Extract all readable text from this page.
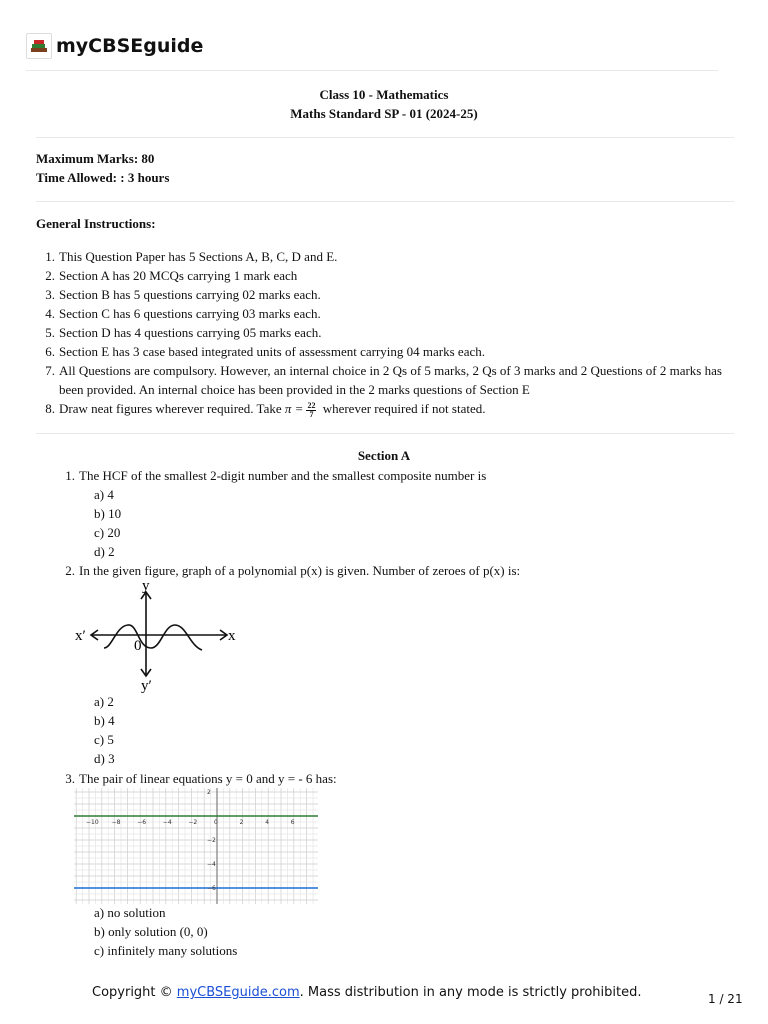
myCBSEguide
Class 10 - Mathematics
Maths Standard SP - 01 (2024-25)
Maximum Marks: 80
Time Allowed: : 3 hours
General Instructions:
1. This Question Paper has 5 Sections A, B, C, D and E.
2. Section A has 20 MCQs carrying 1 mark each
3. Section B has 5 questions carrying 02 marks each.
4. Section C has 6 questions carrying 03 marks each.
5. Section D has 4 questions carrying 05 marks each.
6. Section E has 3 case based integrated units of assessment carrying 04 marks each.
7. All Questions are compulsory. However, an internal choice in 2 Qs of 5 marks, 2 Qs of 3 marks and 2 Questions of 2 marks has been provided. An internal choice has been provided in the 2 marks questions of Section E
8. Draw neat figures wherever required. Take $\pi = \frac{22}{7}$ wherever required if not stated.
Section A
1. The HCF of the smallest 2-digit number and the smallest composite number is
a) 4
b) 10
c) 20
d) 2
2. In the given figure, graph of a polynomial p(x) is given. Number of zeroes of p(x) is:
y
x
x′
0
y′
a) 2
b) 4
c) 5
d) 3
3. The pair of linear equations y = 0 and y = - 6 has:
−10 −8	−6	−4	−2	0	2	4	6
2
−2
−4
−6
a) no solution
b) only solution (0, 0)
c) infinitely many solutions
Copyright © myCBSEguide.com. Mass distribution in any mode is strictly prohibited.	1 / 21
